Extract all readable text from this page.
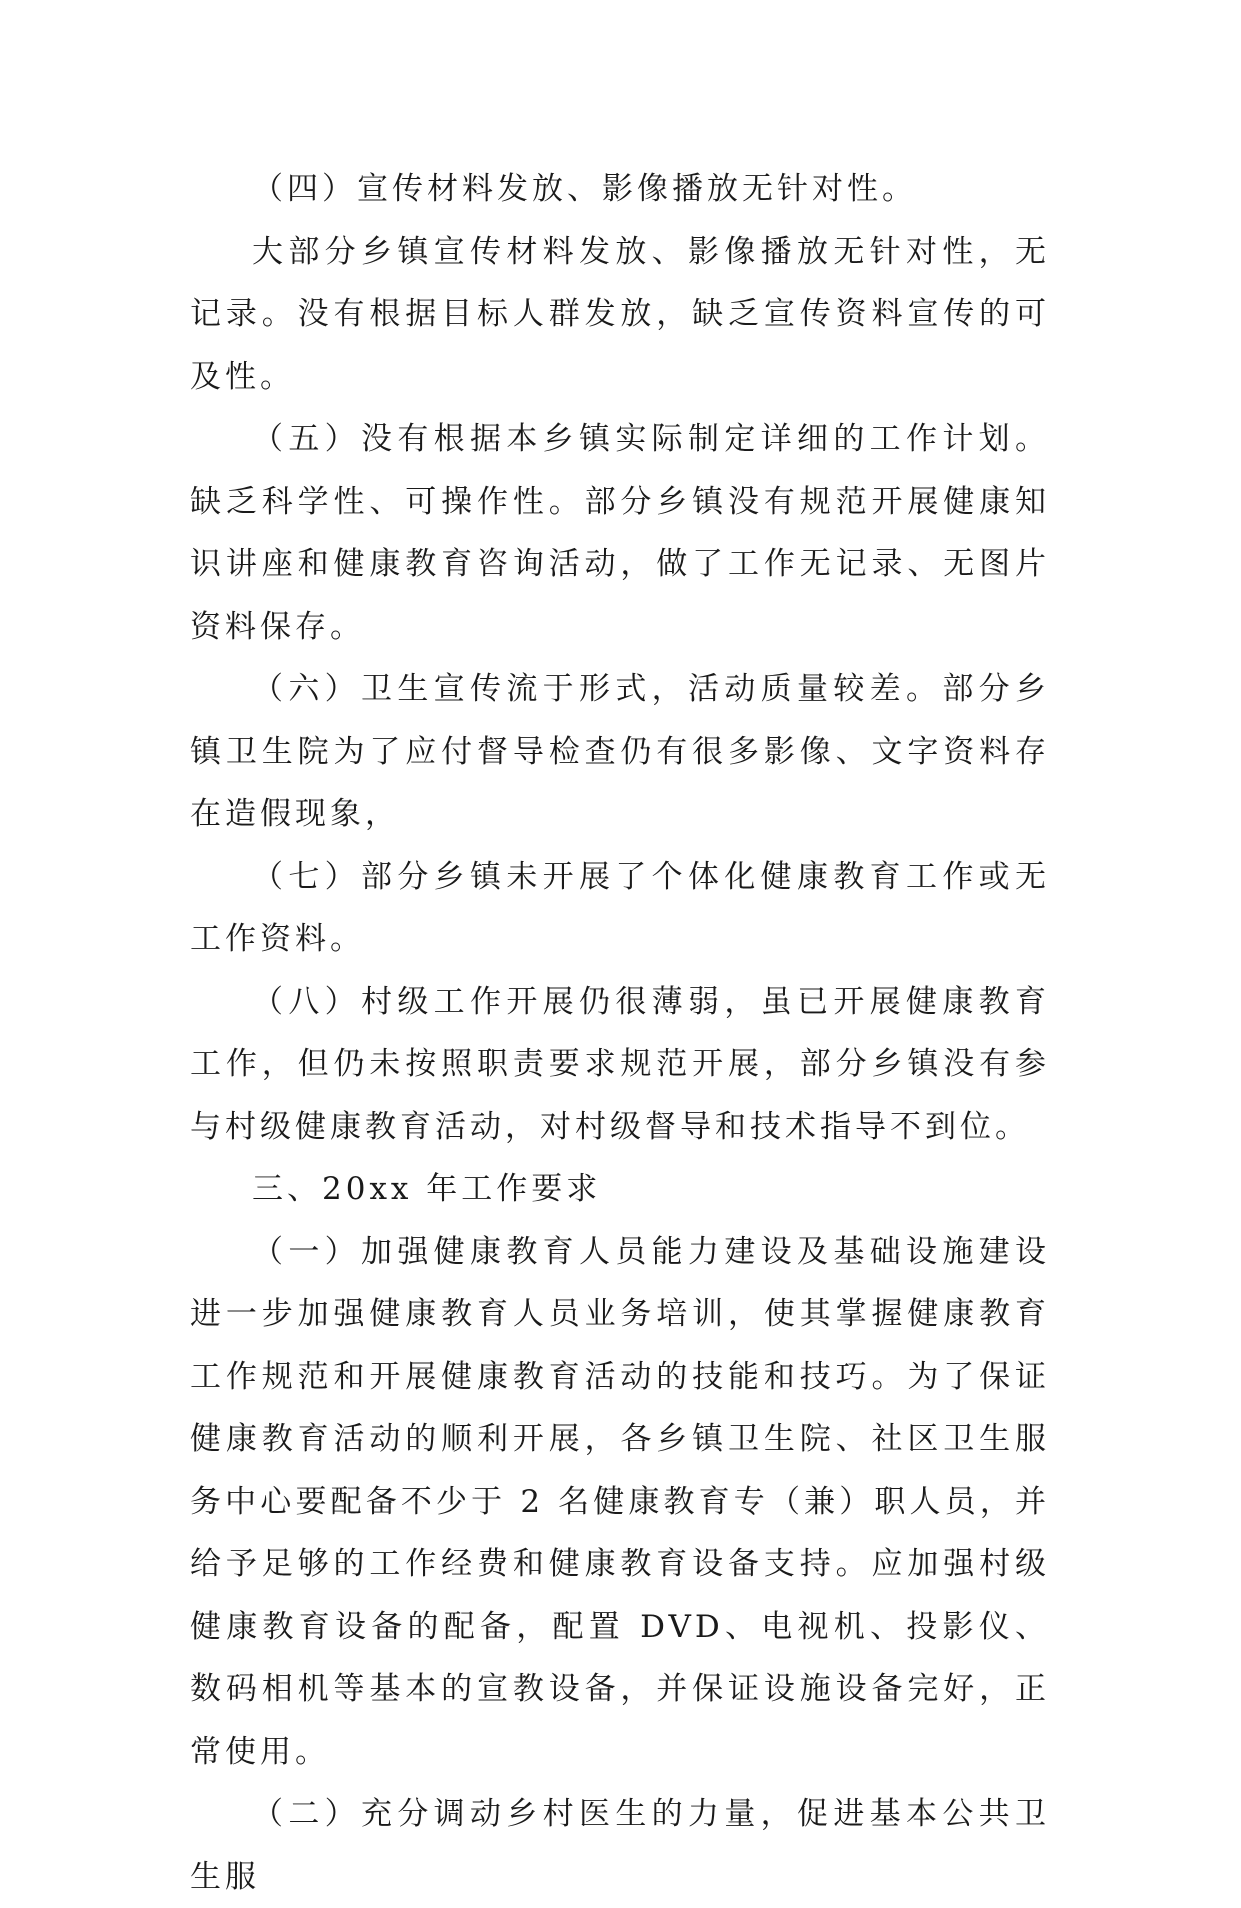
（四）宣传材料发放、影像播放无针对性。

大部分乡镇宣传材料发放、影像播放无针对性，无记录。没有根据目标人群发放，缺乏宣传资料宣传的可及性。

（五）没有根据本乡镇实际制定详细的工作计划。缺乏科学性、可操作性。部分乡镇没有规范开展健康知识讲座和健康教育咨询活动，做了工作无记录、无图片资料保存。

（六）卫生宣传流于形式，活动质量较差。部分乡镇卫生院为了应付督导检查仍有很多影像、文字资料存在造假现象，

（七）部分乡镇未开展了个体化健康教育工作或无工作资料。

（八）村级工作开展仍很薄弱，虽已开展健康教育工作，但仍未按照职责要求规范开展，部分乡镇没有参与村级健康教育活动，对村级督导和技术指导不到位。

三、20xx 年工作要求

（一）加强健康教育人员能力建设及基础设施建设进一步加强健康教育人员业务培训，使其掌握健康教育工作规范和开展健康教育活动的技能和技巧。为了保证健康教育活动的顺利开展，各乡镇卫生院、社区卫生服务中心要配备不少于 2 名健康教育专（兼）职人员，并给予足够的工作经费和健康教育设备支持。应加强村级健康教育设备的配备，配置 DVD、电视机、投影仪、数码相机等基本的宣教设备，并保证设施设备完好，正常使用。

（二）充分调动乡村医生的力量，促进基本公共卫生服
